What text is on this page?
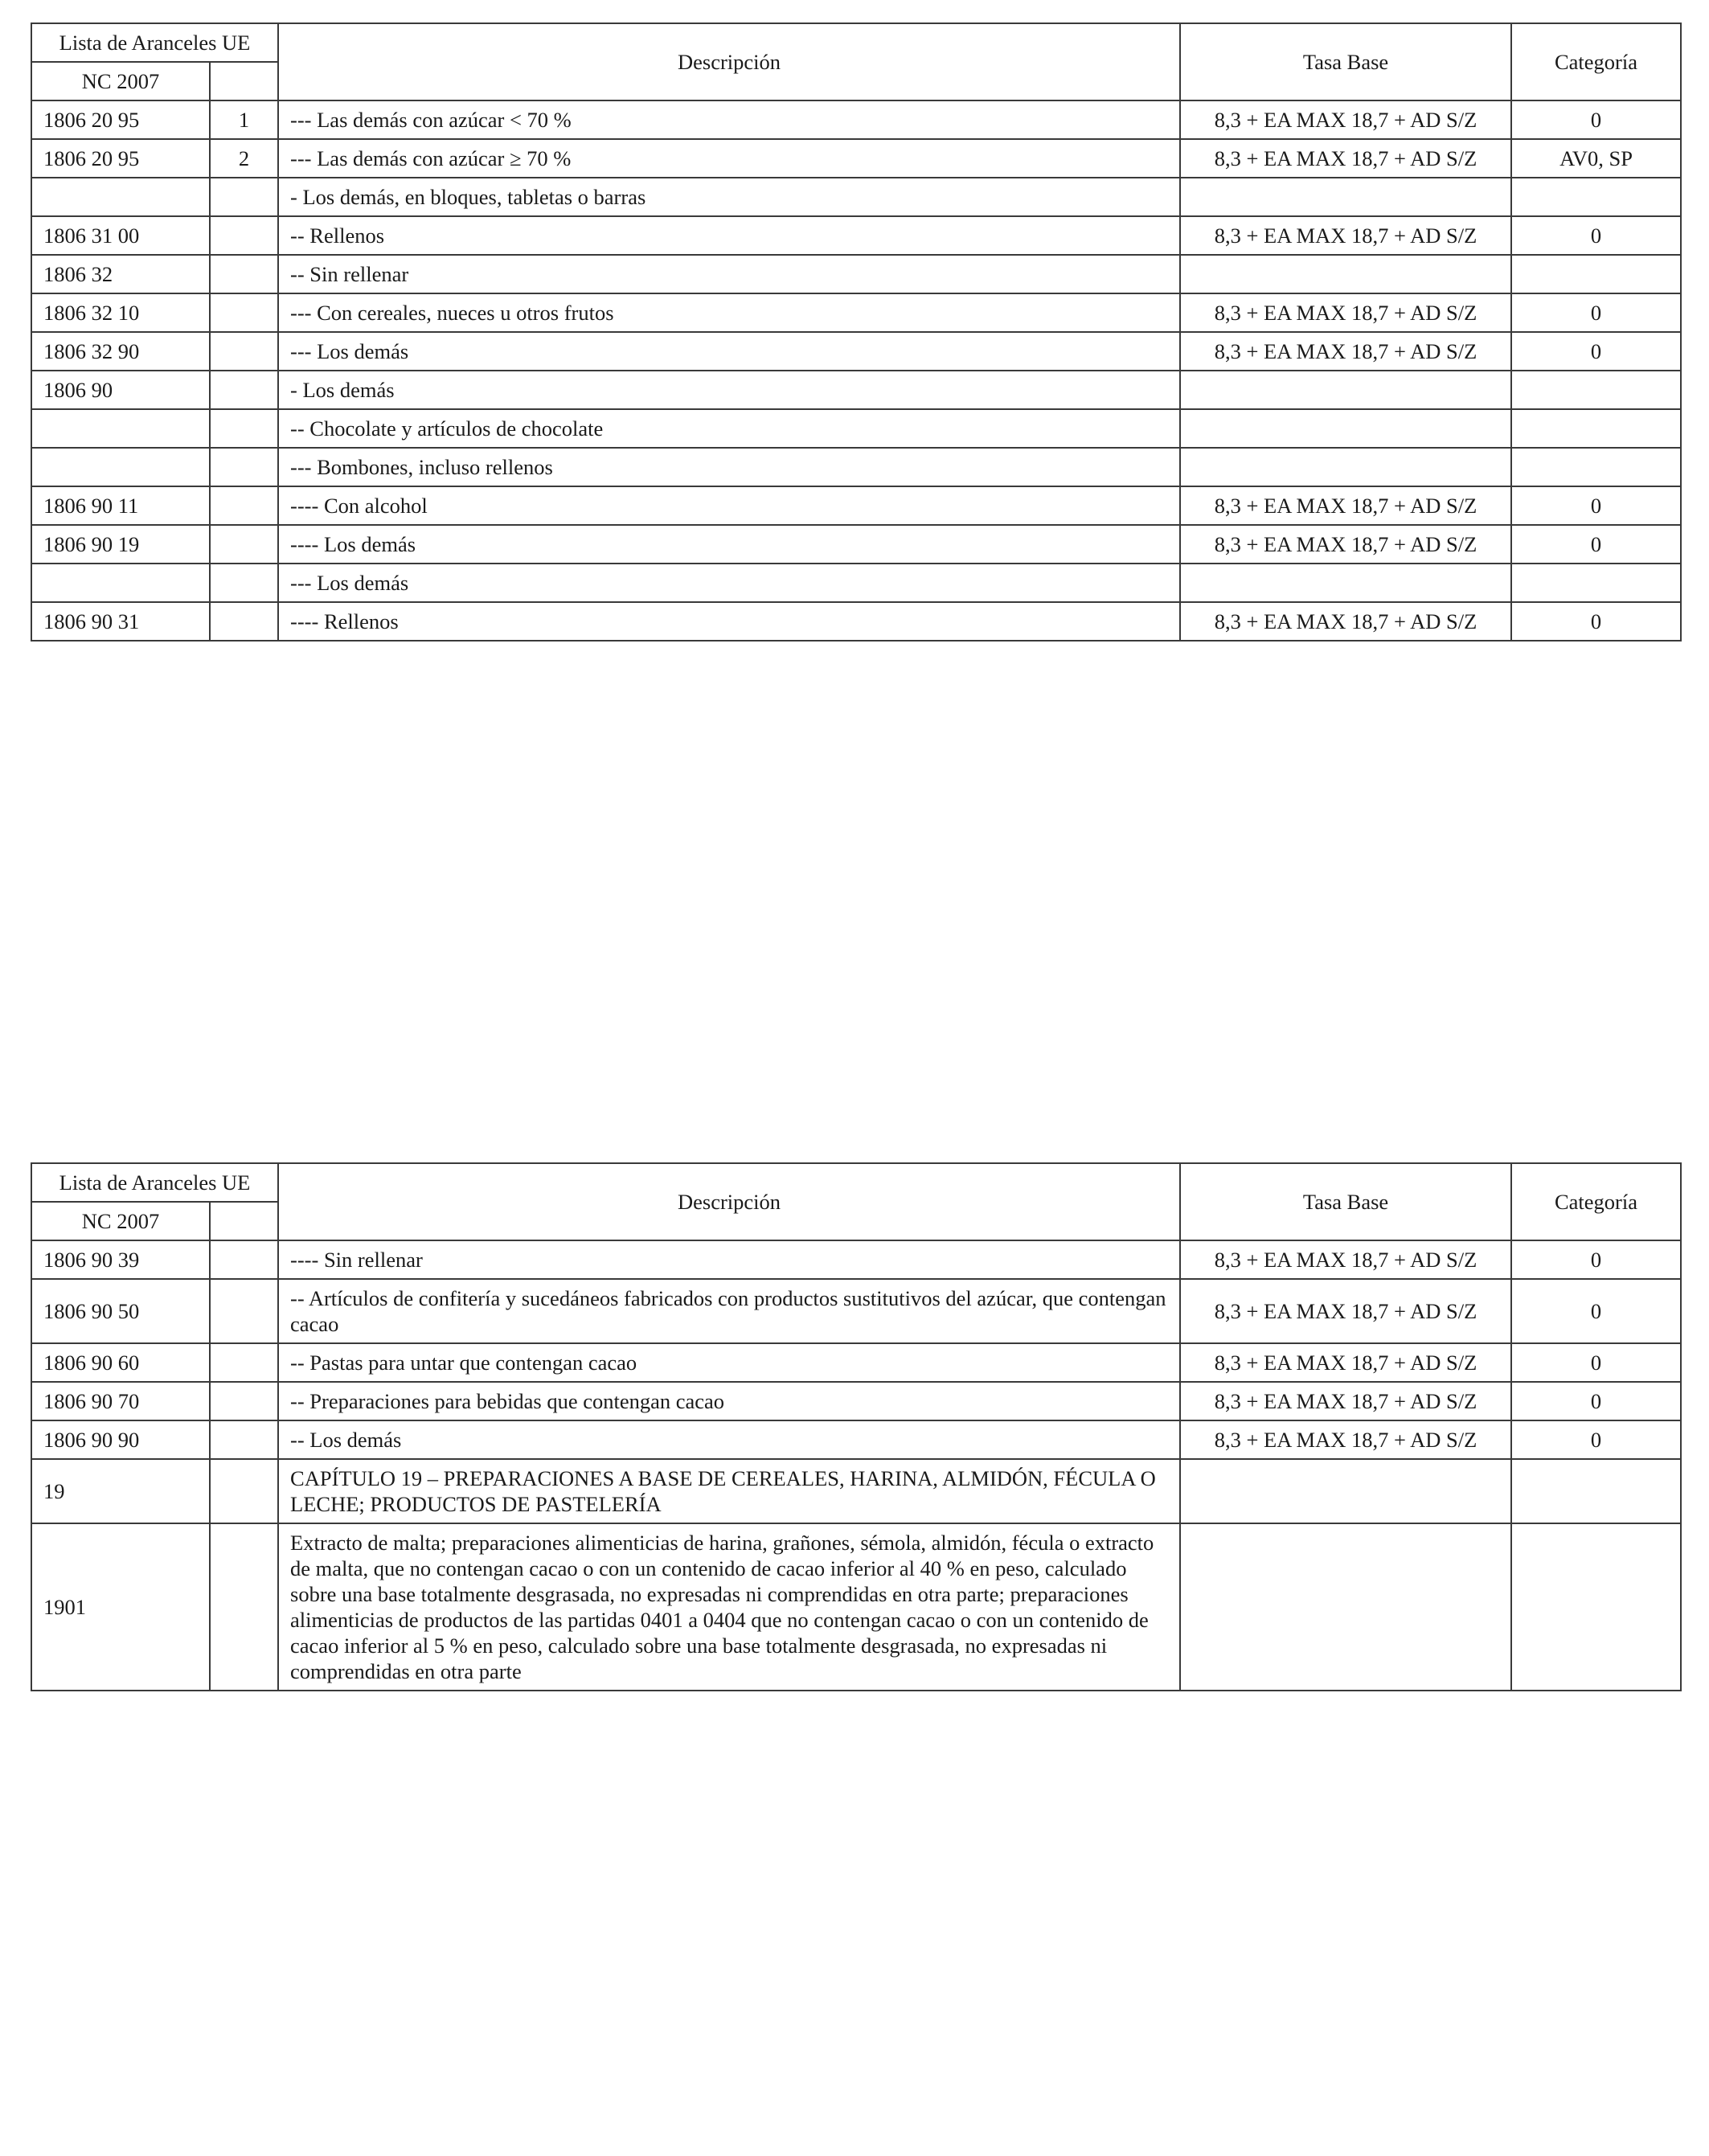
Lista de Aranceles UE		Descripción	Tasa Base	Categoría
NC 2007				
1806 20 95	1	--- Las demás con azúcar < 70 %	8,3 + EA MAX 18,7 + AD S/Z	0
1806 20 95	2	--- Las demás con azúcar ≥ 70 %	8,3 + EA MAX 18,7 + AD S/Z	AV0, SP
		- Los demás, en bloques, tabletas o barras		
1806 31 00		-- Rellenos	8,3 + EA MAX 18,7 + AD S/Z	0
1806 32		-- Sin rellenar		
1806 32 10		--- Con cereales, nueces u otros frutos	8,3 + EA MAX 18,7 + AD S/Z	0
1806 32 90		--- Los demás	8,3 + EA MAX 18,7 + AD S/Z	0
1806 90		- Los demás		
		-- Chocolate y artículos de chocolate		
		--- Bombones, incluso rellenos		
1806 90 11		---- Con alcohol	8,3 + EA MAX 18,7 + AD S/Z	0
1806 90 19		---- Los demás	8,3 + EA MAX 18,7 + AD S/Z	0
		--- Los demás		
1806 90 31		---- Rellenos	8,3 + EA MAX 18,7 + AD S/Z	0
Lista de Aranceles UE		Descripción	Tasa Base	Categoría
NC 2007				
1806 90 39		---- Sin rellenar	8,3 + EA MAX 18,7 + AD S/Z	0
1806 90 50		-- Artículos de confitería y sucedáneos fabricados con productos sustitutivos del azúcar, que contengan cacao	8,3 + EA MAX 18,7 + AD S/Z	0
1806 90 60		-- Pastas para untar que contengan cacao	8,3 + EA MAX 18,7 + AD S/Z	0
1806 90 70		-- Preparaciones para bebidas que contengan cacao	8,3 + EA MAX 18,7 + AD S/Z	0
1806 90 90		-- Los demás	8,3 + EA MAX 18,7 + AD S/Z	0
19		CAPÍTULO 19 – PREPARACIONES A BASE DE CEREALES, HARINA, ALMIDÓN, FÉCULA O LECHE; PRODUCTOS DE PASTELERÍA		
1901		Extracto de malta; preparaciones alimenticias de harina, grañones, sémola, almidón, fécula o extracto de malta, que no contengan cacao o con un contenido de cacao inferior al 40 % en peso, calculado sobre una base totalmente desgrasada, no expresadas ni comprendidas en otra parte; preparaciones alimenticias de productos de las partidas 0401 a 0404 que no contengan cacao o con un contenido de cacao inferior al 5 % en peso, calculado sobre una base totalmente desgrasada, no expresadas ni comprendidas en otra parte		
